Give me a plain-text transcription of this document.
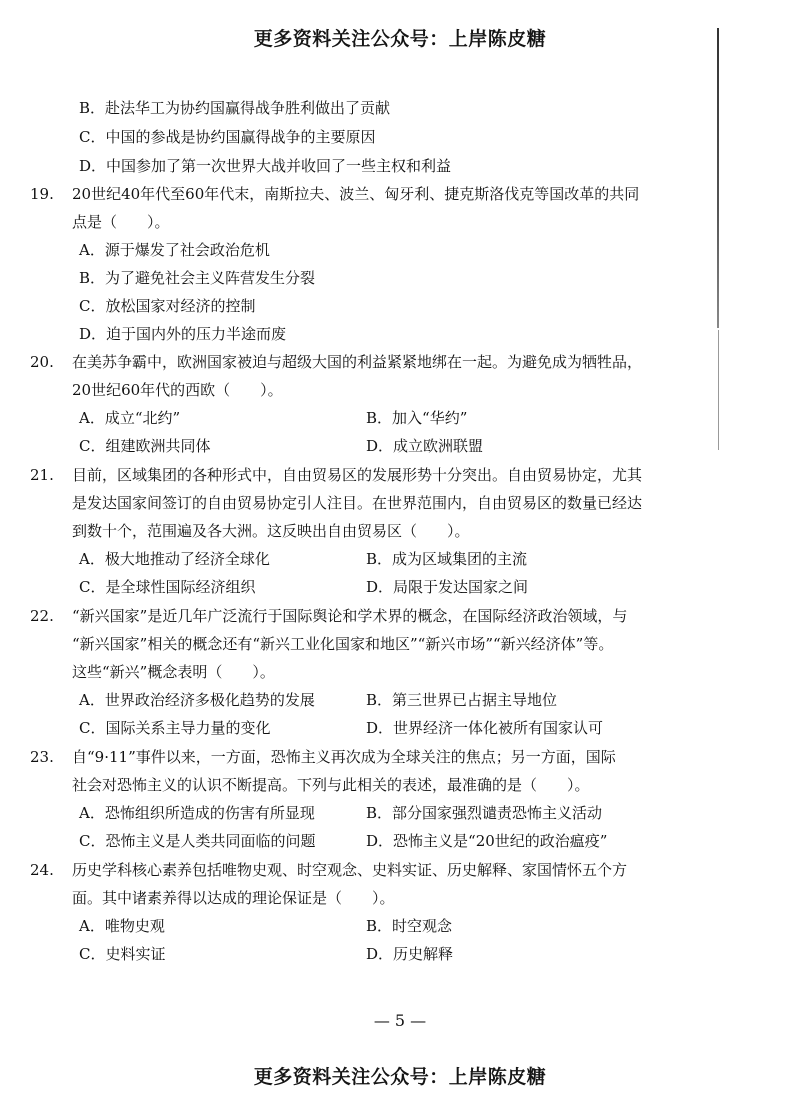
更多资料关注公众号：上岸陈皮糖
B．赴法华工为协约国赢得战争胜利做出了贡献
C．中国的参战是协约国赢得战争的主要原因
D．中国参加了第一次世界大战并收回了一些主权和利益
19. 20世纪40年代至60年代末，南斯拉夫、波兰、匈牙利、捷克斯洛伐克等国改革的共同
点是（　　）。
A．源于爆发了社会政治危机
B．为了避免社会主义阵营发生分裂
C．放松国家对经济的控制
D．迫于国内外的压力半途而废
20. 在美苏争霸中，欧洲国家被迫与超级大国的利益紧紧地绑在一起。为避免成为牺牲品，
20世纪60年代的西欧（　　）。
A．成立“北约”	B．加入“华约”
C．组建欧洲共同体	D．成立欧洲联盟
21. 目前，区域集团的各种形式中，自由贸易区的发展形势十分突出。自由贸易协定，尤其
是发达国家间签订的自由贸易协定引人注目。在世界范围内，自由贸易区的数量已经达
到数十个，范围遍及各大洲。这反映出自由贸易区（　　）。
A．极大地推动了经济全球化	B．成为区域集团的主流
C．是全球性国际经济组织	D．局限于发达国家之间
22. “新兴国家”是近几年广泛流行于国际舆论和学术界的概念，在国际经济政治领域，与
“新兴国家”相关的概念还有“新兴工业化国家和地区”“新兴市场”“新兴经济体”等。
这些“新兴”概念表明（　　）。
A．世界政治经济多极化趋势的发展	B．第三世界已占据主导地位
C．国际关系主导力量的变化	D．世界经济一体化被所有国家认可
23. 自“9·11”事件以来，一方面，恐怖主义再次成为全球关注的焦点；另一方面，国际
社会对恐怖主义的认识不断提高。下列与此相关的表述，最准确的是（　　）。
A．恐怖组织所造成的伤害有所显现	B．部分国家强烈谴责恐怖主义活动
C．恐怖主义是人类共同面临的问题	D．恐怖主义是“20世纪的政治瘟疫”
24. 历史学科核心素养包括唯物史观、时空观念、史料实证、历史解释、家国情怀五个方
面。其中诸素养得以达成的理论保证是（　　）。
A．唯物史观	B．时空观念
C．史料实证	D．历史解释
— 5 —
更多资料关注公众号：上岸陈皮糖
